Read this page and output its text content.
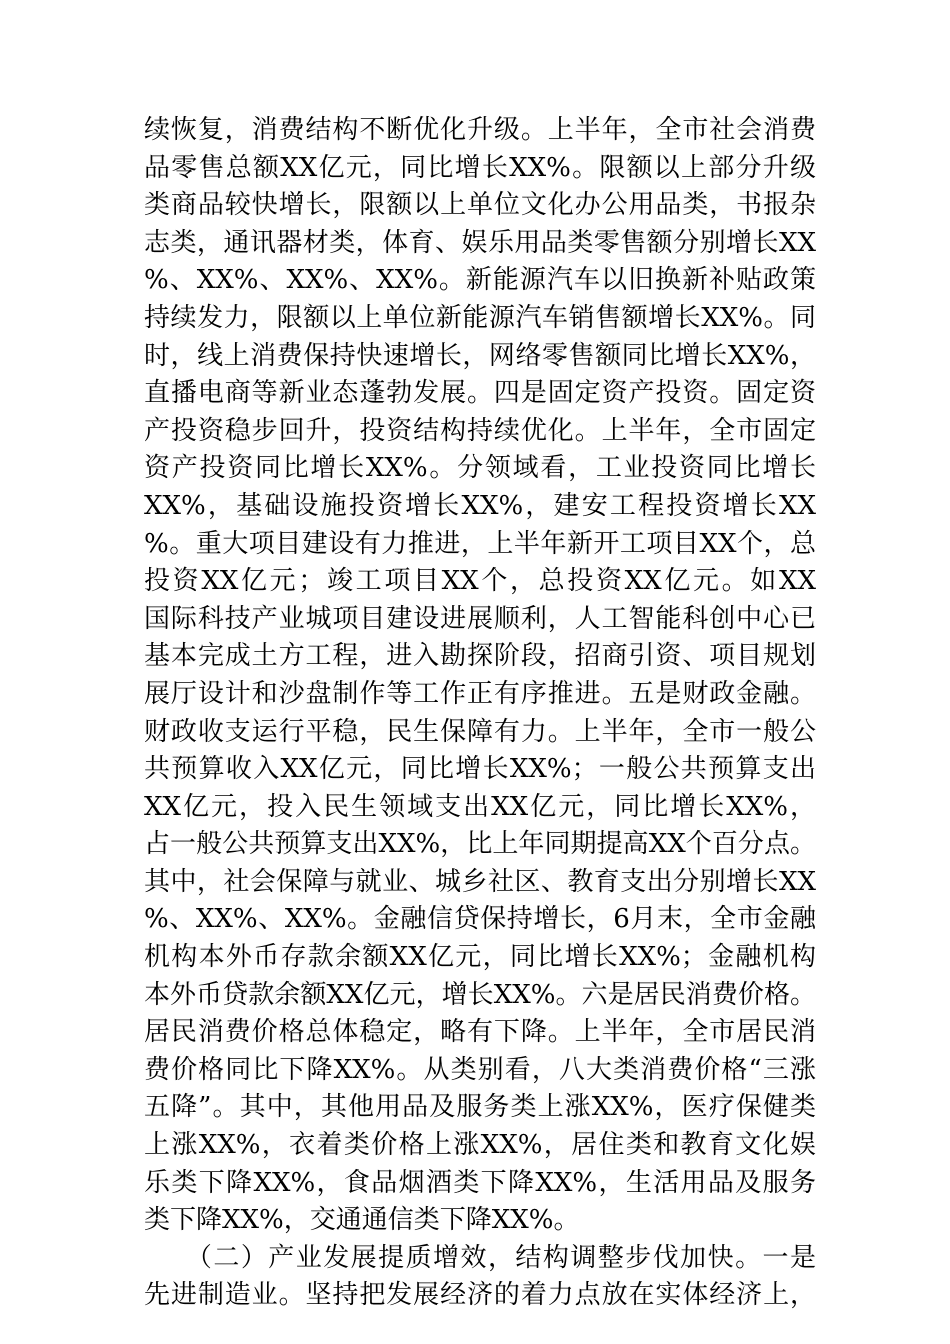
续恢复，消费结构不断优化升级。上半年，全市社会消费
品零售总额XX亿元，同比增长XX%。限额以上部分升级
类商品较快增长，限额以上单位文化办公用品类，书报杂
志类，通讯器材类，体育、娱乐用品类零售额分别增长XX
%、XX%、XX%、XX%。新能源汽车以旧换新补贴政策
持续发力，限额以上单位新能源汽车销售额增长XX%。同
时，线上消费保持快速增长，网络零售额同比增长XX%，
直播电商等新业态蓬勃发展。四是固定资产投资。固定资
产投资稳步回升，投资结构持续优化。上半年，全市固定
资产投资同比增长XX%。分领域看，工业投资同比增长
XX%，基础设施投资增长XX%，建安工程投资增长XX
%。重大项目建设有力推进，上半年新开工项目XX个，总
投资XX亿元；竣工项目XX个，总投资XX亿元。如XX
国际科技产业城项目建设进展顺利，人工智能科创中心已
基本完成土方工程，进入勘探阶段，招商引资、项目规划
展厅设计和沙盘制作等工作正有序推进。五是财政金融。
财政收支运行平稳，民生保障有力。上半年，全市一般公
共预算收入XX亿元，同比增长XX%；一般公共预算支出
XX亿元，投入民生领域支出XX亿元，同比增长XX%，
占一般公共预算支出XX%，比上年同期提高XX个百分点。
其中，社会保障与就业、城乡社区、教育支出分别增长XX
%、XX%、XX%。金融信贷保持增长，6月末，全市金融
机构本外币存款余额XX亿元，同比增长XX%；金融机构
本外币贷款余额XX亿元，增长XX%。六是居民消费价格。
居民消费价格总体稳定，略有下降。上半年，全市居民消
费价格同比下降XX%。从类别看，八大类消费价格“三涨
五降”。其中，其他用品及服务类上涨XX%，医疗保健类
上涨XX%，衣着类价格上涨XX%，居住类和教育文化娱
乐类下降XX%，食品烟酒类下降XX%，生活用品及服务
类下降XX%，交通通信类下降XX%。
　　（二）产业发展提质增效，结构调整步伐加快。一是
先进制造业。坚持把发展经济的着力点放在实体经济上，
